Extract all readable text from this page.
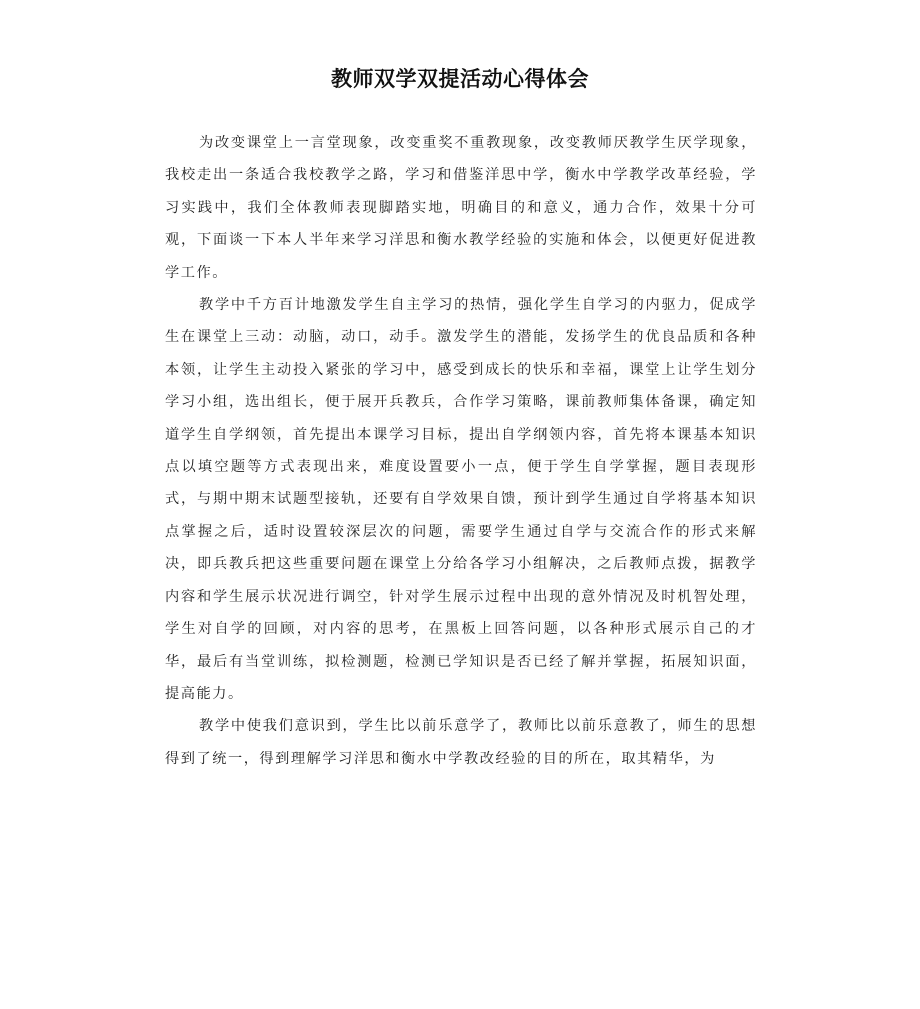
教师双学双提活动心得体会

为改变课堂上一言堂现象，改变重奖不重教现象，改变教师厌教学生厌学现象，我校走出一条适合我校教学之路，学习和借鉴洋思中学，衡水中学教学改革经验，学习实践中，我们全体教师表现脚踏实地，明确目的和意义，通力合作，效果十分可观，下面谈一下本人半年来学习洋思和衡水教学经验的实施和体会，以便更好促进教学工作。

教学中千方百计地激发学生自主学习的热情，强化学生自学习的内驱力，促成学生在课堂上三动：动脑，动口，动手。激发学生的潜能，发扬学生的优良品质和各种本领，让学生主动投入紧张的学习中，感受到成长的快乐和幸福，课堂上让学生划分学习小组，选出组长，便于展开兵教兵，合作学习策略，课前教师集体备课，确定知道学生自学纲领，首先提出本课学习目标，提出自学纲领内容，首先将本课基本知识点以填空题等方式表现出来，难度设置要小一点，便于学生自学掌握，题目表现形式，与期中期末试题型接轨，还要有自学效果自馈，预计到学生通过自学将基本知识点掌握之后，适时设置较深层次的问题，需要学生通过自学与交流合作的形式来解决，即兵教兵把这些重要问题在课堂上分给各学习小组解决，之后教师点拨，据教学内容和学生展示状况进行调空，针对学生展示过程中出现的意外情况及时机智处理，学生对自学的回顾，对内容的思考，在黑板上回答问题，以各种形式展示自己的才华，最后有当堂训练，拟检测题，检测已学知识是否已经了解并掌握，拓展知识面，提高能力。

教学中使我们意识到，学生比以前乐意学了，教师比以前乐意教了，师生的思想得到了统一，得到理解学习洋思和衡水中学教改经验的目的所在，取其精华，为
